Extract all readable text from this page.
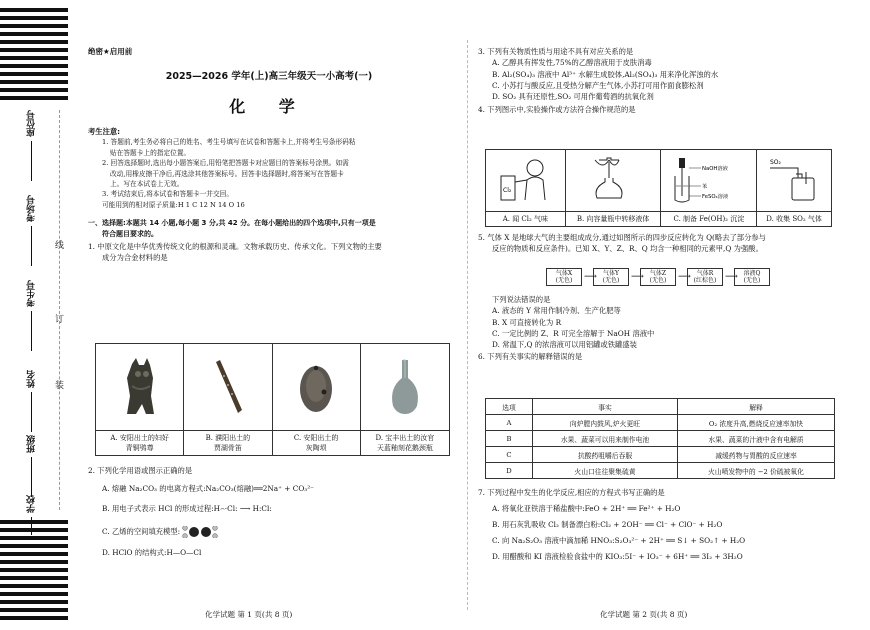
座位号
考场号
考生号
姓名
班级
学校
线
订
装

绝密★启用前

2025—2026 学年(上)高三年级天一小高考(一)

化 学

考生注意:

1. 答题前,考生务必将自己的姓名、考生号填写在试卷和答题卡上,并将考生号条形码粘

贴在答题卡上的指定位置。

2. 回答选择题时,选出每小题答案后,用铅笔把答题卡对应题目的答案标号涂黑。如需

改动,用橡皮擦干净后,再选涂其他答案标号。回答非选择题时,将答案写在答题卡

上。写在本试卷上无效。

3. 考试结束后,将本试卷和答题卡一并交回。

可能用到的相对原子质量:H 1 C 12 N 14 O 16

一、选择题:本题共 14 小题,每小题 3 分,共 42 分。在每小题给出的四个选项中,只有一项是

符合题目要求的。

1. 中原文化是中华优秀传统文化的根源和灵魂。文物承载历史、传承文化。下列文物的主要

成分为合金材料的是

A. 安阳出土的妇好
青铜鸮尊
B. 濮阳出土的
贾湖骨笛
C. 安阳出土的
灰陶埙
D. 宝丰出土的汝官
天蓝釉刻花鹅颈瓶

2. 下列化学用语或图示正确的是

A. 熔融 Na₂CO₃ 的电离方程式:Na₂CO₃(熔融)══2Na⁺ + CO₃²⁻

B. 用电子式表示 HCl 的形成过程:H⌢·Cl: ⟶ H:Cl:

C. 乙烯的空间填充模型:

D. HClO 的结构式:H—O—Cl

化学试题 第 1 页(共 8 页)

3. 下列有关物质性质与用途不具有对应关系的是

A. 乙醇具有挥发性,75%的乙醇溶液用于皮肤消毒

B. Al₂(SO₄)₃ 溶液中 Al³⁺ 水解生成胶体,Al₂(SO₄)₃ 用来净化浑浊的水

C. 小苏打与酸反应,且受热分解产生气体,小苏打可用作面食膨松剂

D. SO₂ 具有还原性,SO₂ 可用作葡萄酒的抗氧化剂

4. 下列图示中,实验操作或方法符合操作规范的是

Cl₂
A. 闻 Cl₂ 气味	B. 向容量瓶中转移液体
NaOH溶液
苯
FeSO₄溶液
C. 制备 Fe(OH)₂ 沉淀
SO₂
D. 收集 SO₂ 气体

5. 气体 X 是地球大气的主要组成成分,通过如图所示的四步反应转化为 Q(略去了部分参与

反应的物质和反应条件)。已知 X、Y、Z、R、Q 均含一种相同的元素甲,Q 为强酸。

气体X
(无色)	⟶	气体Y
(无色)	⟶	气体Z
(无色)	⟶ 气体R
(红棕色) ⟶ 溶液Q
(无色)

下列说法错误的是

A. 液态的 Y 常用作制冷剂、生产化肥等

B. X 可直接转化为 R

C. 一定比例的 Z、R 可完全溶解于 NaOH 溶液中

D. 常温下,Q 的浓溶液可以用铝罐或铁罐盛装

6. 下列有关事实的解释错误的是

选项	事实	解释
A	向炉膛内鼓风,炉火更旺	O₂ 浓度升高,燃烧反应速率加快
B	水果、蔬菜可以用来制作电池	水果、蔬菜的汁液中含有电解质
C	抗酸药咀嚼后吞服	减缓药物与胃酸的反应速率
D	火山口往往聚集硫黄	火山喷发物中的 −2 价硫被氧化

7. 下列过程中发生的化学反应,相应的方程式书写正确的是

A. 将氧化亚铁溶于稀盐酸中:FeO + 2H⁺ ══ Fe²⁺ + H₂O

B. 用石灰乳吸收 Cl₂ 制备漂白粉:Cl₂ + 2OH⁻ ══ Cl⁻ + ClO⁻ + H₂O

C. 向 Na₂S₂O₃ 溶液中滴加稀 HNO₃:S₂O₃²⁻ + 2H⁺ ══ S↓ + SO₂↑ + H₂O

D. 用醋酸和 KI 溶液检验食盐中的 KIO₃:5I⁻ + IO₃⁻ + 6H⁺ ══ 3I₂ + 3H₂O

化学试题 第 2 页(共 8 页)
